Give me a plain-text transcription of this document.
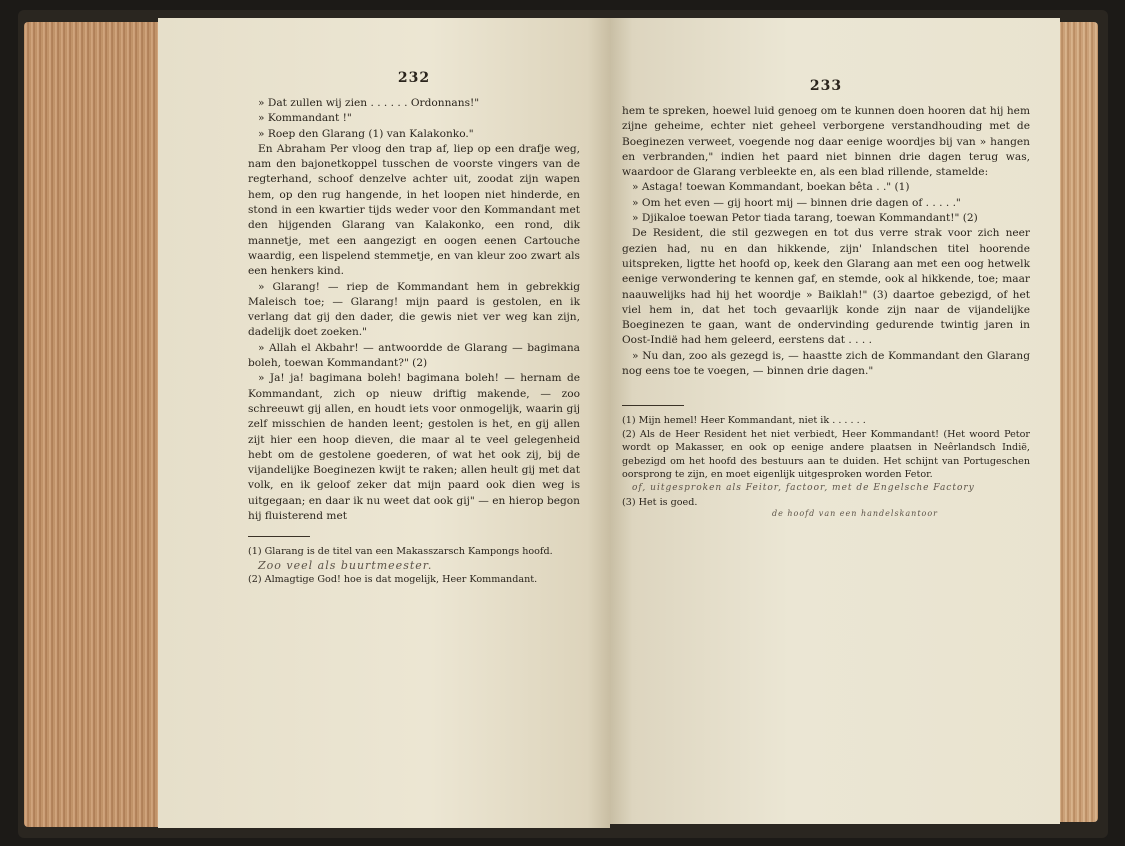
232

» Dat zullen wij zien . . . . . . Ordonnans!"

» Kommandant !"

» Roep den Glarang (1) van Kalakonko."

En Abraham Per vloog den trap af, liep op een drafje weg, nam den bajonetkoppel tusschen de voorste vingers van de regterhand, schoof denzelve achter uit, zoodat zijn wapen hem, op den rug hangende, in het loopen niet hinderde, en stond in een kwartier tijds weder voor den Kommandant met den hijgenden Glarang van Kalakonko, een rond, dik mannetje, met een aangezigt en oogen eenen Cartouche waardig, een lispelend stemmetje, en van kleur zoo zwart als een henkers kind.

» Glarang! — riep de Kommandant hem in gebrekkig Maleisch toe; — Glarang! mijn paard is gestolen, en ik verlang dat gij den dader, die gewis niet ver weg kan zijn, dadelijk doet zoeken."

» Allah el Akbahr! — antwoordde de Glarang — bagimana boleh, toewan Kommandant?" (2)

» Ja! ja! bagimana boleh! bagimana boleh! — hernam de Kommandant, zich op nieuw driftig makende, — zoo schreeuwt gij allen, en houdt iets voor onmogelijk, waarin gij zelf misschien de handen leent; gestolen is het, en gij allen zijt hier een hoop dieven, die maar al te veel gelegenheid hebt om de gestolene goederen, of wat het ook zij, bij de vijandelijke Boeginezen kwijt te raken; allen heult gij met dat volk, en ik geloof zeker dat mijn paard ook dien weg is uitgegaan; en daar ik nu weet dat ook gij" — en hierop begon hij fluisterend met

(1) Glarang is de titel van een Makasszarsch Kampongs hoofd.

Zoo veel als buurtmeester.

(2) Almagtige God! hoe is dat mogelijk, Heer Kommandant.

233

hem te spreken, hoewel luid genoeg om te kunnen doen hooren dat hij hem zijne geheime, echter niet geheel verborgene verstandhouding met de Boeginezen verweet, voegende nog daar eenige woordjes bij van » hangen en verbranden," indien het paard niet binnen drie dagen terug was, waardoor de Glarang verbleekte en, als een blad rillende, stamelde:

» Astaga! toewan Kommandant, boekan bêta . ." (1)

» Om het even — gij hoort mij — binnen drie dagen of . . . . ."

» Djikaloe toewan Petor tiada tarang, toewan Kommandant!" (2)

De Resident, die stil gezwegen en tot dus verre strak voor zich neer gezien had, nu en dan hikkende, zijn' Inlandschen titel hoorende uitspreken, ligtte het hoofd op, keek den Glarang aan met een oog hetwelk eenige verwondering te kennen gaf, en stemde, ook al hikkende, toe; maar naauwelijks had hij het woordje » Baiklah!" (3) daartoe gebezigd, of het viel hem in, dat het toch gevaarlijk konde zijn naar de vijandelijke Boeginezen te gaan, want de ondervinding gedurende twintig jaren in Oost-Indië had hem geleerd, eerstens dat . . . .

» Nu dan, zoo als gezegd is, — haastte zich de Kommandant den Glarang nog eens toe te voegen, — binnen drie dagen."

(1) Mijn hemel! Heer Kommandant, niet ik . . . . . .

(2) Als de Heer Resident het niet verbiedt, Heer Kommandant! (Het woord Petor wordt op Makasser, en ook op eenige andere plaatsen in Neêrlandsch Indië, gebezigd om het hoofd des bestuurs aan te duiden. Het schijnt van Portugeschen oorsprong te zijn, en moet eigenlijk uitgesproken worden Fetor.

of, uitgesproken als Feitor, factoor, met de Engelsche Factory

(3) Het is goed.

de hoofd van een handelskantoor
